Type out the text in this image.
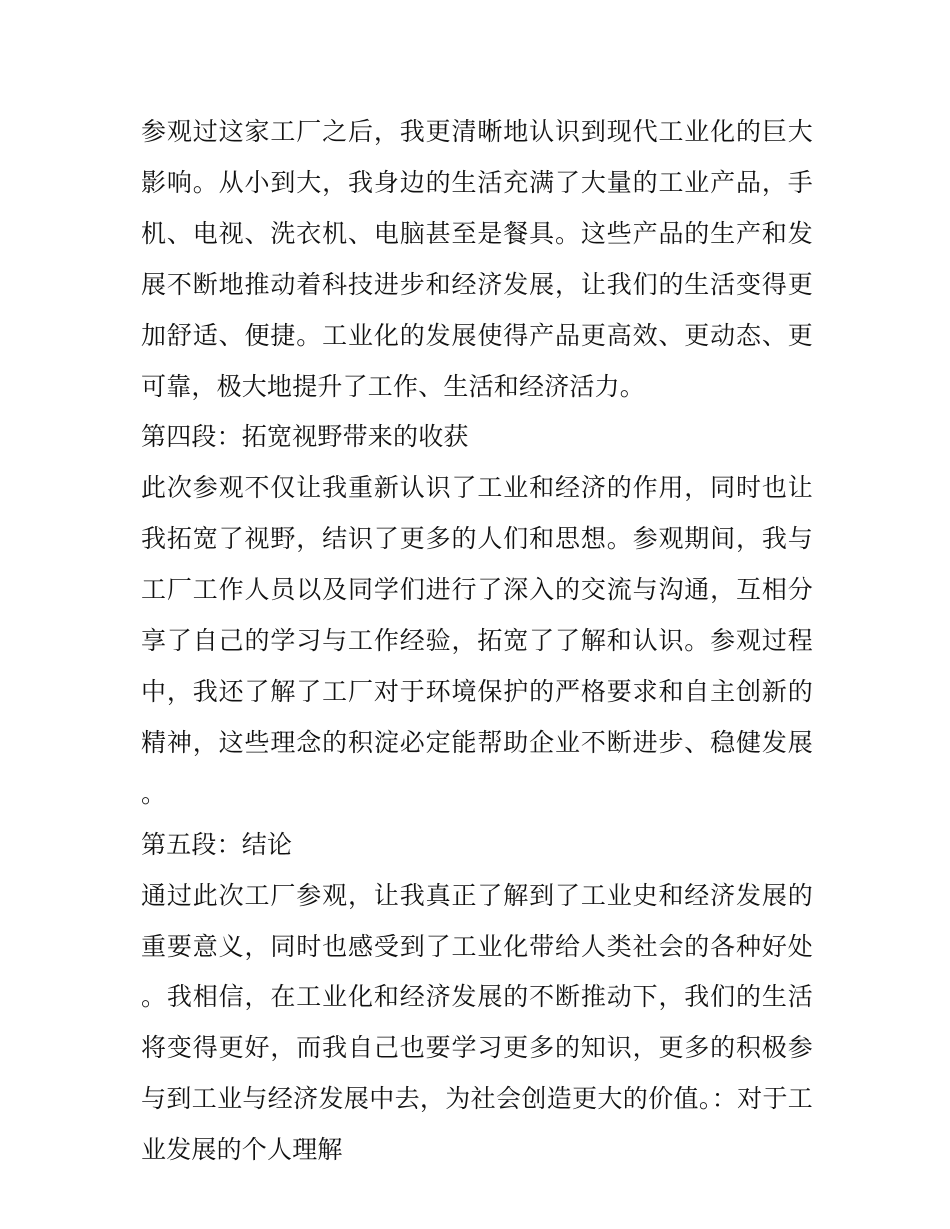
参观过这家工厂之后，我更清晰地认识到现代工业化的巨大影响。从小到大，我身边的生活充满了大量的工业产品，手机、电视、洗衣机、电脑甚至是餐具。这些产品的生产和发展不断地推动着科技进步和经济发展，让我们的生活变得更加舒适、便捷。工业化的发展使得产品更高效、更动态、更可靠，极大地提升了工作、生活和经济活力。

第四段：拓宽视野带来的收获

此次参观不仅让我重新认识了工业和经济的作用，同时也让我拓宽了视野，结识了更多的人们和思想。参观期间，我与工厂工作人员以及同学们进行了深入的交流与沟通，互相分享了自己的学习与工作经验，拓宽了了解和认识。参观过程中，我还了解了工厂对于环境保护的严格要求和自主创新的精神，这些理念的积淀必定能帮助企业不断进步、稳健发展。

第五段：结论

通过此次工厂参观，让我真正了解到了工业史和经济发展的重要意义，同时也感受到了工业化带给人类社会的各种好处。我相信，在工业化和经济发展的不断推动下，我们的生活将变得更好，而我自己也要学习更多的知识，更多的积极参与到工业与经济发展中去，为社会创造更大的价值。：对于工业发展的个人理解
